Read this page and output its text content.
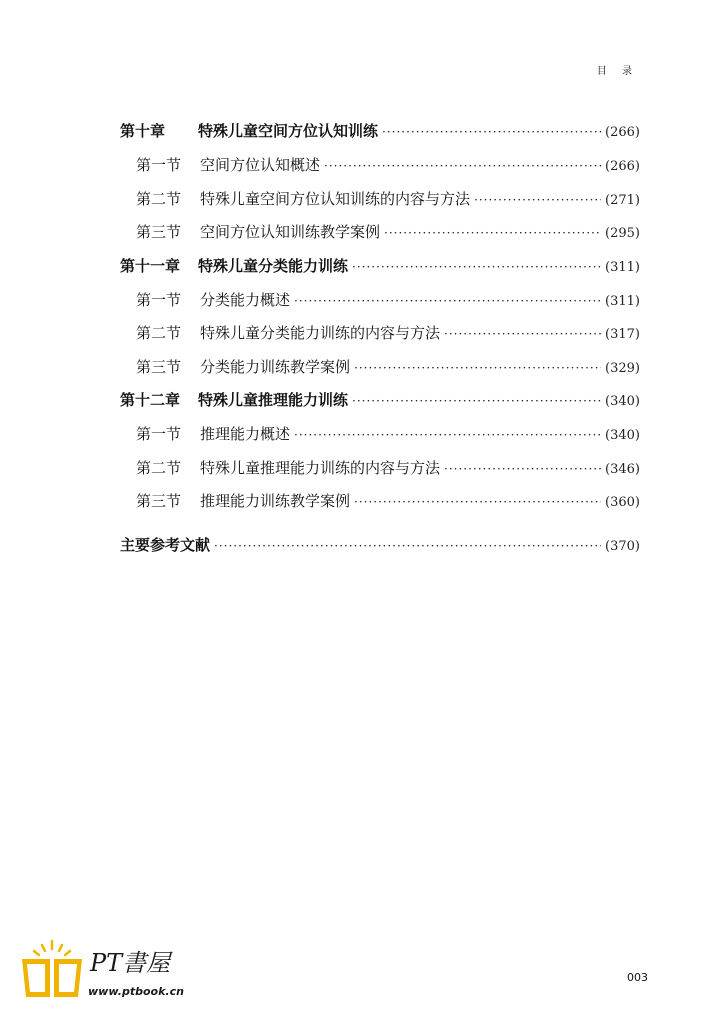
目 录
第十章	特殊儿童空间方位认知训练 ·····	(266)
第一节 空间方位认知概述 ·····	(266)
第二节 特殊儿童空间方位认知训练的内容与方法 ·····	(271)
第三节 空间方位认知训练教学案例 ·····	(295)
第十一章 特殊儿童分类能力训练 ·····	(311)
第一节 分类能力概述 ·····	(311)
第二节 特殊儿童分类能力训练的内容与方法 ·····	(317)
第三节 分类能力训练教学案例 ·····	(329)
第十二章 特殊儿童推理能力训练 ·····	(340)
第一节 推理能力概述 ·····	(340)
第二节 特殊儿童推理能力训练的内容与方法 ·····	(346)
第三节 推理能力训练教学案例 ·····	(360)
主要参考文献 ·····	(370)
PT書屋
www.ptbook.cn
003
